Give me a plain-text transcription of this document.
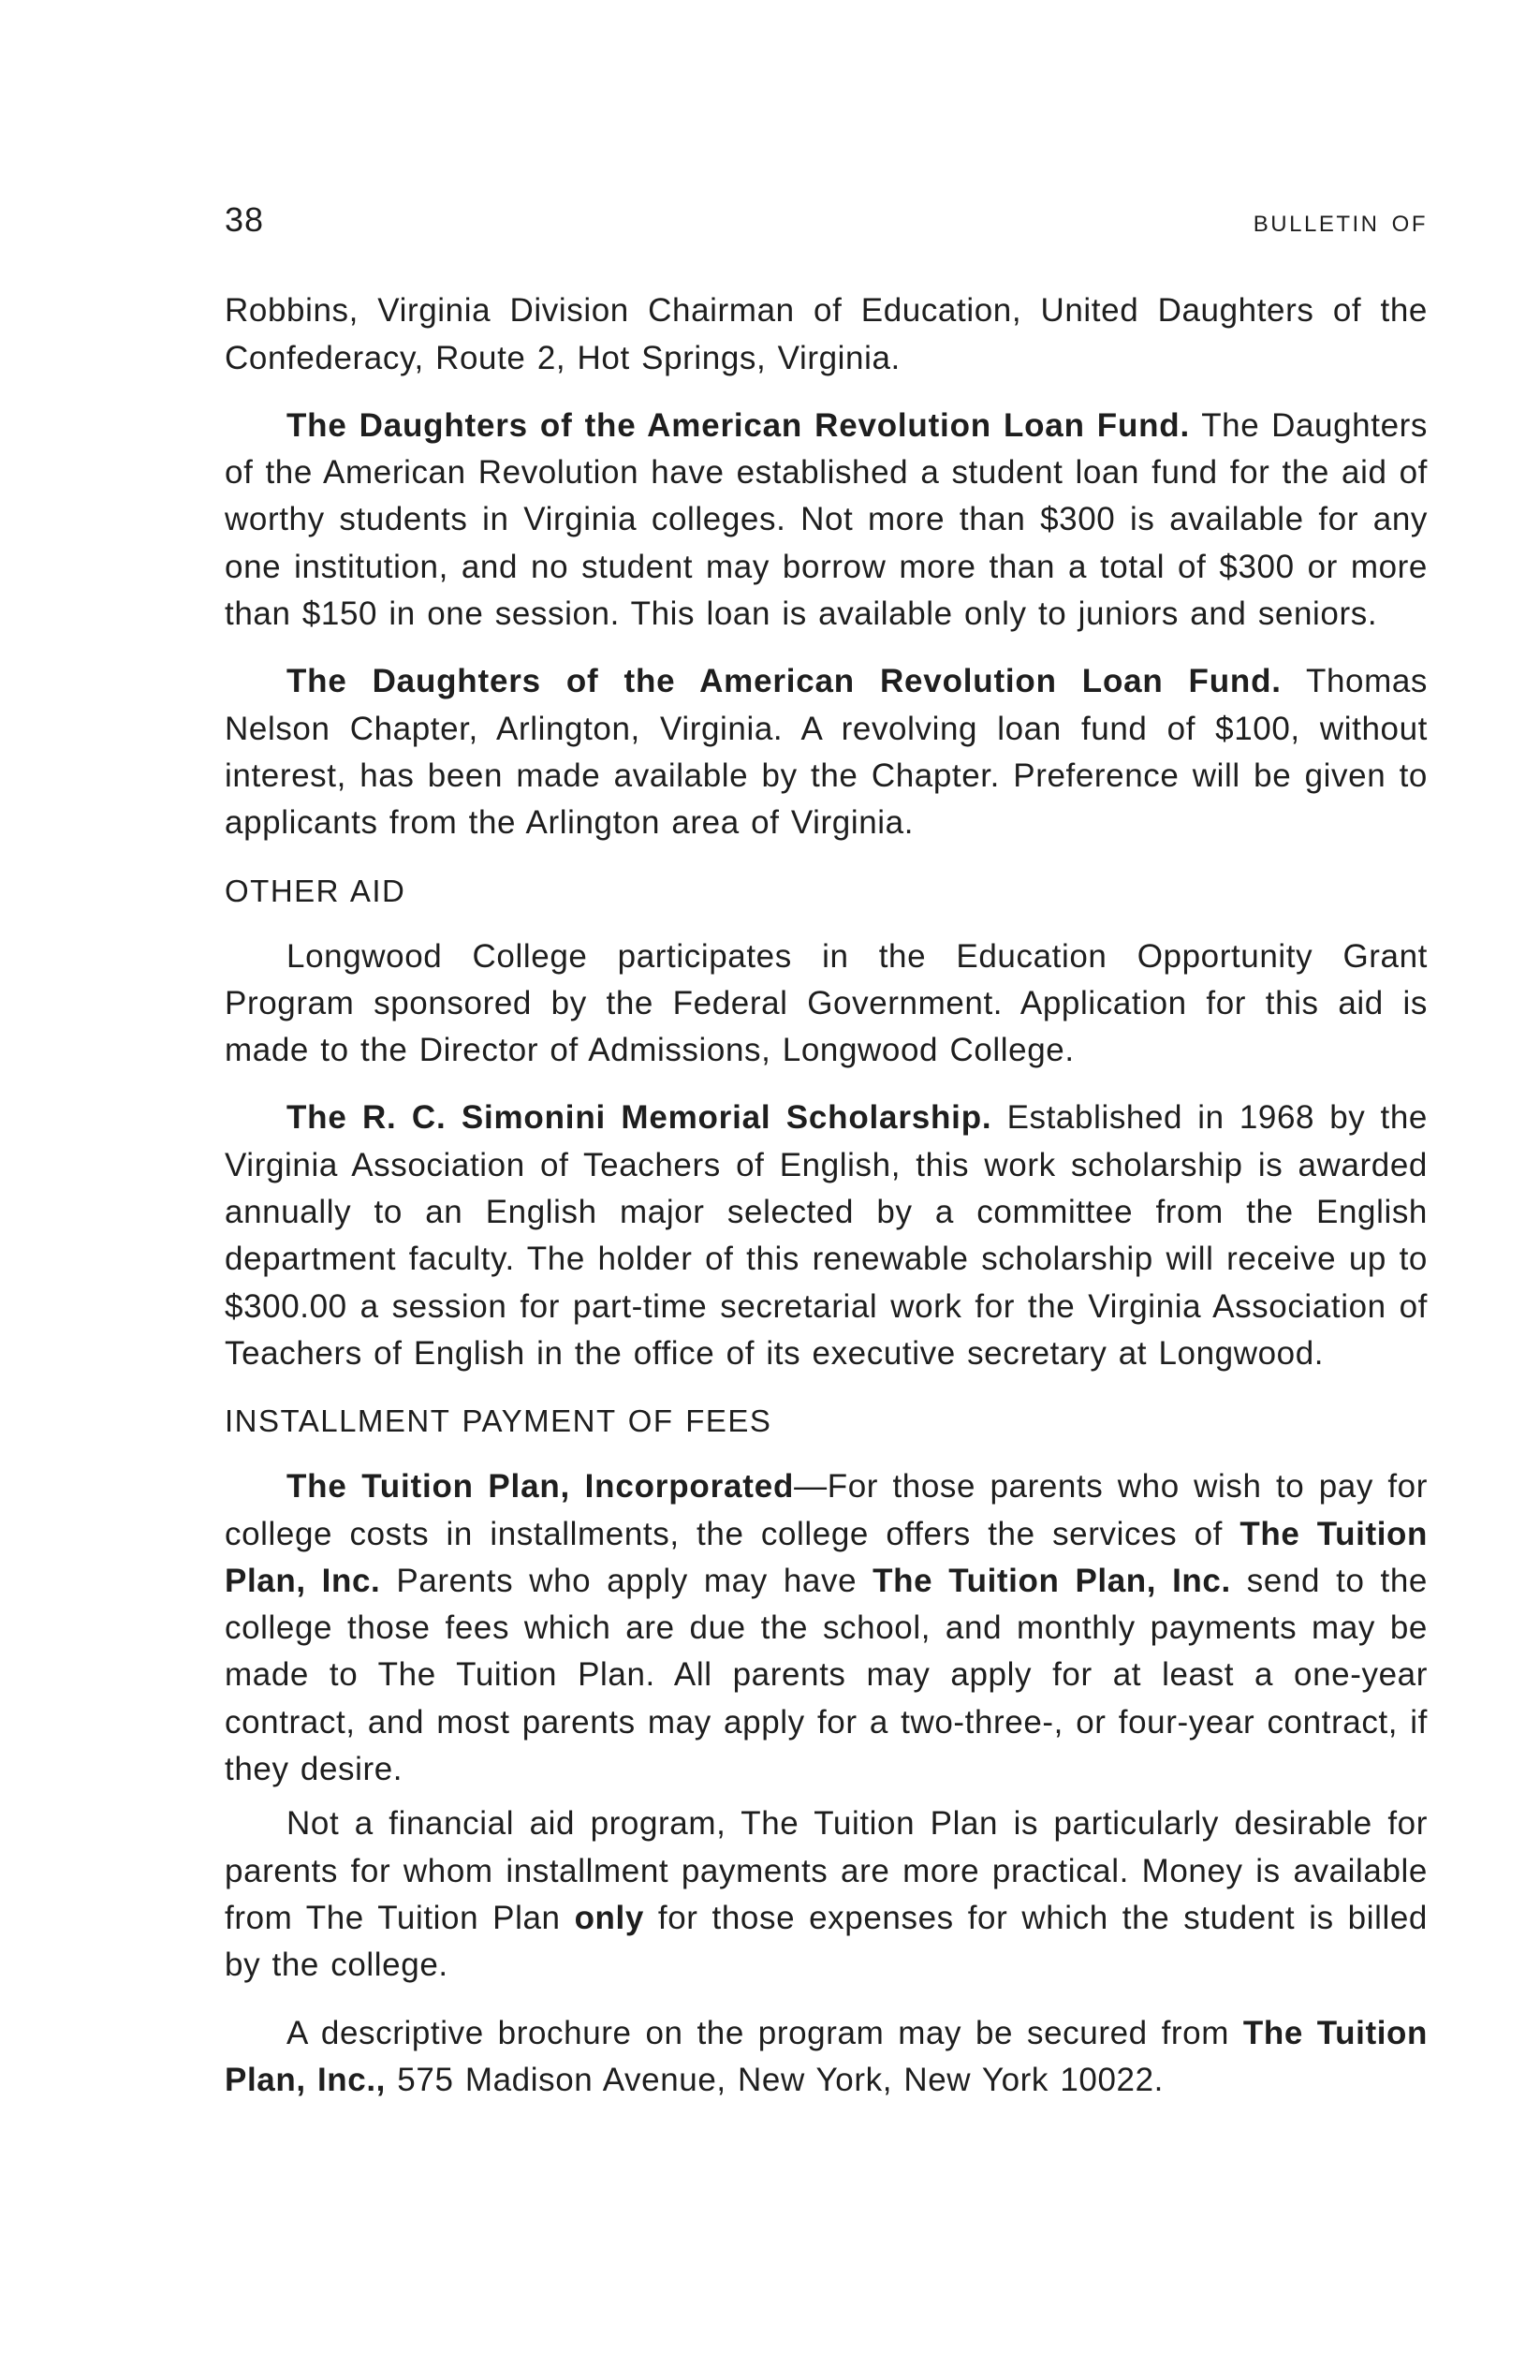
38	BULLETIN OF

Robbins, Virginia Division Chairman of Education, United Daughters of the Confederacy, Route 2, Hot Springs, Virginia.

The Daughters of the American Revolution Loan Fund. The Daughters of the American Revolution have established a student loan fund for the aid of worthy students in Virginia colleges. Not more than $300 is available for any one institution, and no student may borrow more than a total of $300 or more than $150 in one session. This loan is available only to juniors and seniors.

The Daughters of the American Revolution Loan Fund. Thomas Nelson Chapter, Arlington, Virginia. A revolving loan fund of $100, without interest, has been made available by the Chapter. Preference will be given to applicants from the Arlington area of Virginia.

OTHER AID

Longwood College participates in the Education Opportunity Grant Program sponsored by the Federal Government. Application for this aid is made to the Director of Admissions, Longwood College.

The R. C. Simonini Memorial Scholarship. Established in 1968 by the Virginia Association of Teachers of English, this work scholarship is awarded annually to an English major selected by a committee from the English department faculty. The holder of this renewable scholarship will receive up to $300.00 a session for part-time secretarial work for the Virginia Association of Teachers of English in the office of its executive secretary at Longwood.

INSTALLMENT PAYMENT OF FEES

The Tuition Plan, Incorporated—For those parents who wish to pay for college costs in installments, the college offers the services of The Tuition Plan, Inc. Parents who apply may have The Tuition Plan, Inc. send to the college those fees which are due the school, and monthly payments may be made to The Tuition Plan. All parents may apply for at least a one-year contract, and most parents may apply for a two-three-, or four-year contract, if they desire.

Not a financial aid program, The Tuition Plan is particularly desirable for parents for whom installment payments are more practical. Money is available from The Tuition Plan only for those expenses for which the student is billed by the college.

A descriptive brochure on the program may be secured from The Tuition Plan, Inc., 575 Madison Avenue, New York, New York 10022.
